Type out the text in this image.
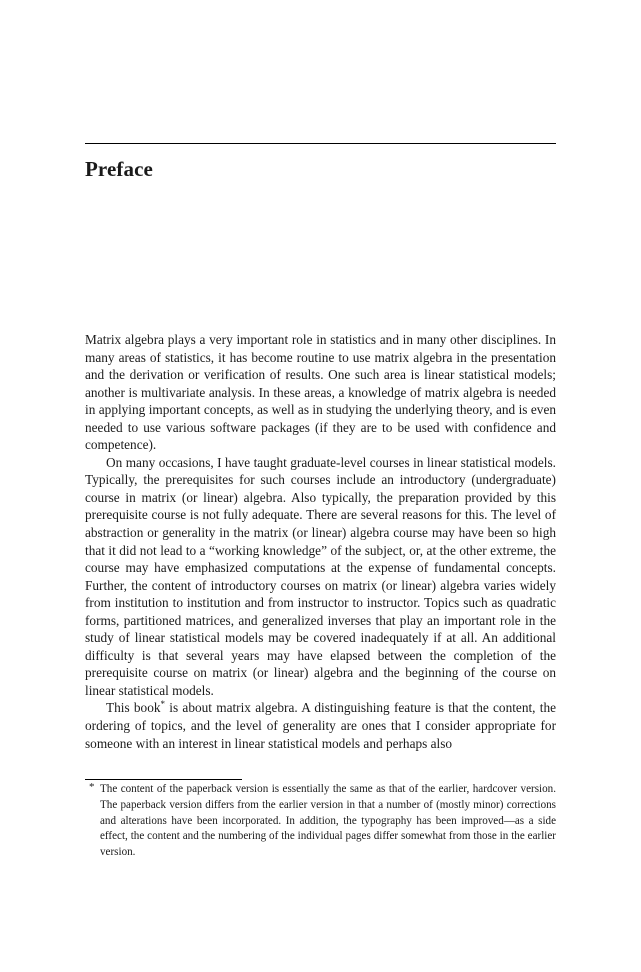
Preface

Matrix algebra plays a very important role in statistics and in many other disciplines. In many areas of statistics, it has become routine to use matrix algebra in the presentation and the derivation or verification of results. One such area is linear statistical models; another is multivariate analysis. In these areas, a knowledge of matrix algebra is needed in applying important concepts, as well as in studying the underlying theory, and is even needed to use various software packages (if they are to be used with confidence and competence).

On many occasions, I have taught graduate-level courses in linear statistical models. Typically, the prerequisites for such courses include an introductory (undergraduate) course in matrix (or linear) algebra. Also typically, the preparation provided by this prerequisite course is not fully adequate. There are several reasons for this. The level of abstraction or generality in the matrix (or linear) algebra course may have been so high that it did not lead to a “working knowledge” of the subject, or, at the other extreme, the course may have emphasized computations at the expense of fundamental concepts. Further, the content of introductory courses on matrix (or linear) algebra varies widely from institution to institution and from instructor to instructor. Topics such as quadratic forms, partitioned matrices, and generalized inverses that play an important role in the study of linear statistical models may be covered inadequately if at all. An additional difficulty is that several years may have elapsed between the completion of the prerequisite course on matrix (or linear) algebra and the beginning of the course on linear statistical models.

This book* is about matrix algebra. A distinguishing feature is that the content, the ordering of topics, and the level of generality are ones that I consider appropriate for someone with an interest in linear statistical models and perhaps also

* The content of the paperback version is essentially the same as that of the earlier, hardcover version. The paperback version differs from the earlier version in that a number of (mostly minor) corrections and alterations have been incorporated. In addition, the typography has been improved—as a side effect, the content and the numbering of the individual pages differ somewhat from those in the earlier version.
